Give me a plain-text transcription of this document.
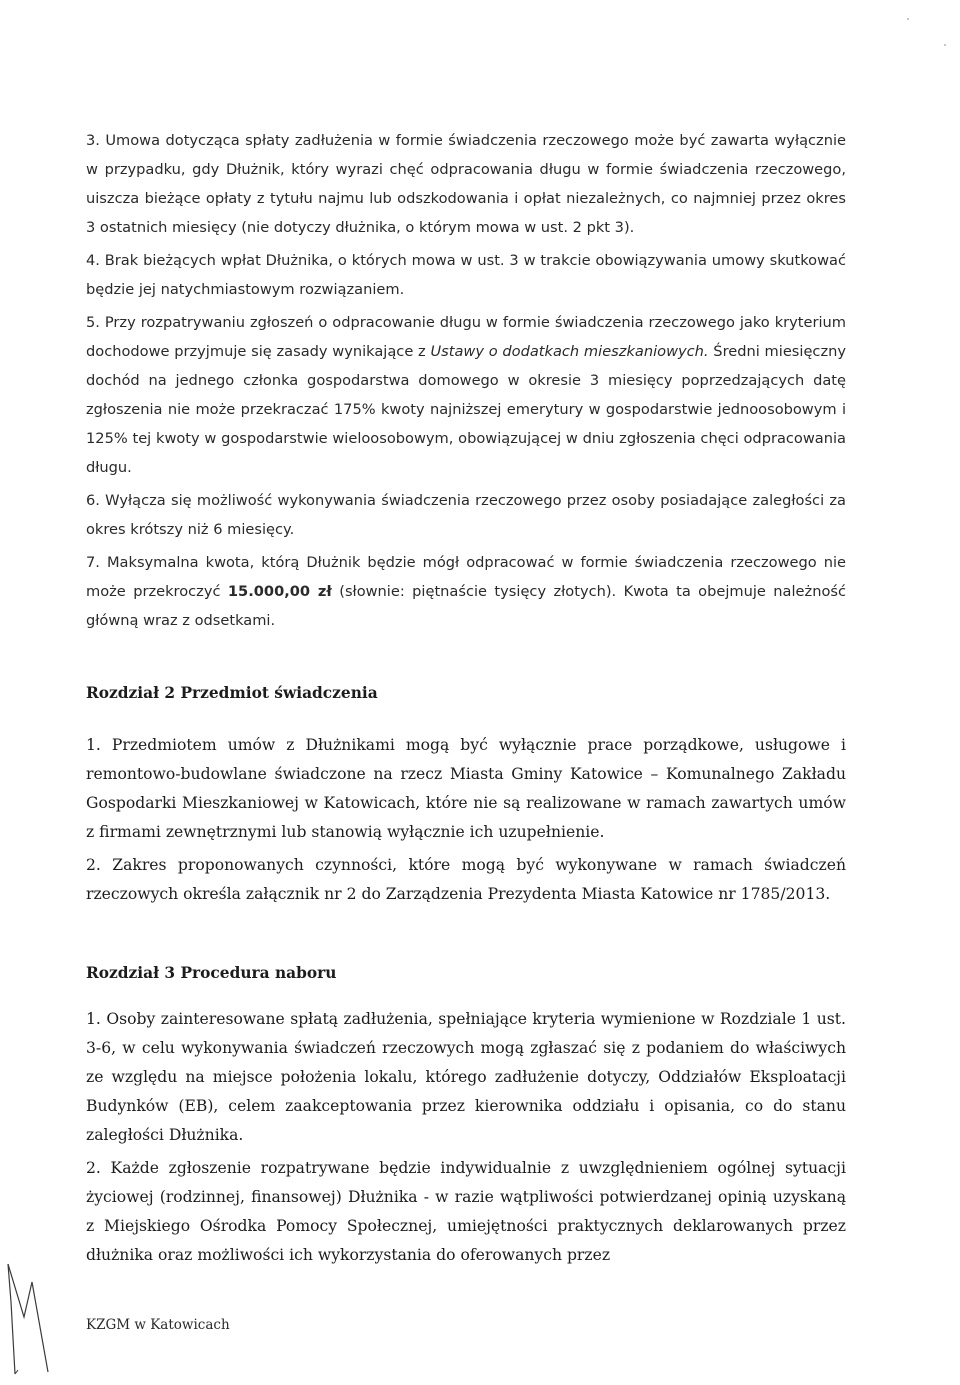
3. Umowa dotycząca spłaty zadłużenia w formie świadczenia rzeczowego może być zawarta wyłącznie w przypadku, gdy Dłużnik, który wyrazi chęć odpracowania długu w formie świadczenia rzeczowego, uiszcza bieżące opłaty z tytułu najmu lub odszkodowania i opłat niezależnych, co najmniej przez okres 3 ostatnich miesięcy (nie dotyczy dłużnika, o którym mowa w ust. 2 pkt 3).

4. Brak bieżących wpłat Dłużnika, o których mowa w ust. 3 w trakcie obowiązywania umowy skutkować będzie jej natychmiastowym rozwiązaniem.

5. Przy rozpatrywaniu zgłoszeń o odpracowanie długu w formie świadczenia rzeczowego jako kryterium dochodowe przyjmuje się zasady wynikające z Ustawy o dodatkach mieszkaniowych. Średni miesięczny dochód na jednego członka gospodarstwa domowego w okresie 3 miesięcy poprzedzających datę zgłoszenia nie może przekraczać 175% kwoty najniższej emerytury w gospodarstwie jednoosobowym i 125% tej kwoty w gospodarstwie wieloosobowym, obowiązującej w dniu zgłoszenia chęci odpracowania długu.

6. Wyłącza się możliwość wykonywania świadczenia rzeczowego przez osoby posiadające zaległości za okres krótszy niż 6 miesięcy.

7. Maksymalna kwota, którą Dłużnik będzie mógł odpracować w formie świadczenia rzeczowego nie może przekroczyć 15.000,00 zł (słownie: piętnaście tysięcy złotych). Kwota ta obejmuje należność główną wraz z odsetkami.

Rozdział 2 Przedmiot świadczenia

1. Przedmiotem umów z Dłużnikami mogą być wyłącznie prace porządkowe, usługowe i remontowo-budowlane świadczone na rzecz Miasta Gminy Katowice – Komunalnego Zakładu Gospodarki Mieszkaniowej w Katowicach, które nie są realizowane w ramach zawartych umów z firmami zewnętrznymi lub stanowią wyłącznie ich uzupełnienie.

2. Zakres proponowanych czynności, które mogą być wykonywane w ramach świadczeń rzeczowych określa załącznik nr 2 do Zarządzenia Prezydenta Miasta Katowice nr 1785/2013.

Rozdział 3 Procedura naboru

1. Osoby zainteresowane spłatą zadłużenia, spełniające kryteria wymienione w Rozdziale 1 ust. 3-6, w celu wykonywania świadczeń rzeczowych mogą zgłaszać się z podaniem do właściwych ze względu na miejsce położenia lokalu, którego zadłużenie dotyczy, Oddziałów Eksploatacji Budynków (EB), celem zaakceptowania przez kierownika oddziału i opisania, co do stanu zaległości Dłużnika.

2. Każde zgłoszenie rozpatrywane będzie indywidualnie z uwzględnieniem ogólnej sytuacji życiowej (rodzinnej, finansowej) Dłużnika - w razie wątpliwości potwierdzanej opinią uzyskaną z Miejskiego Ośrodka Pomocy Społecznej, umiejętności praktycznych deklarowanych przez dłużnika oraz możliwości ich wykorzystania do oferowanych przez

KZGM w Katowicach
